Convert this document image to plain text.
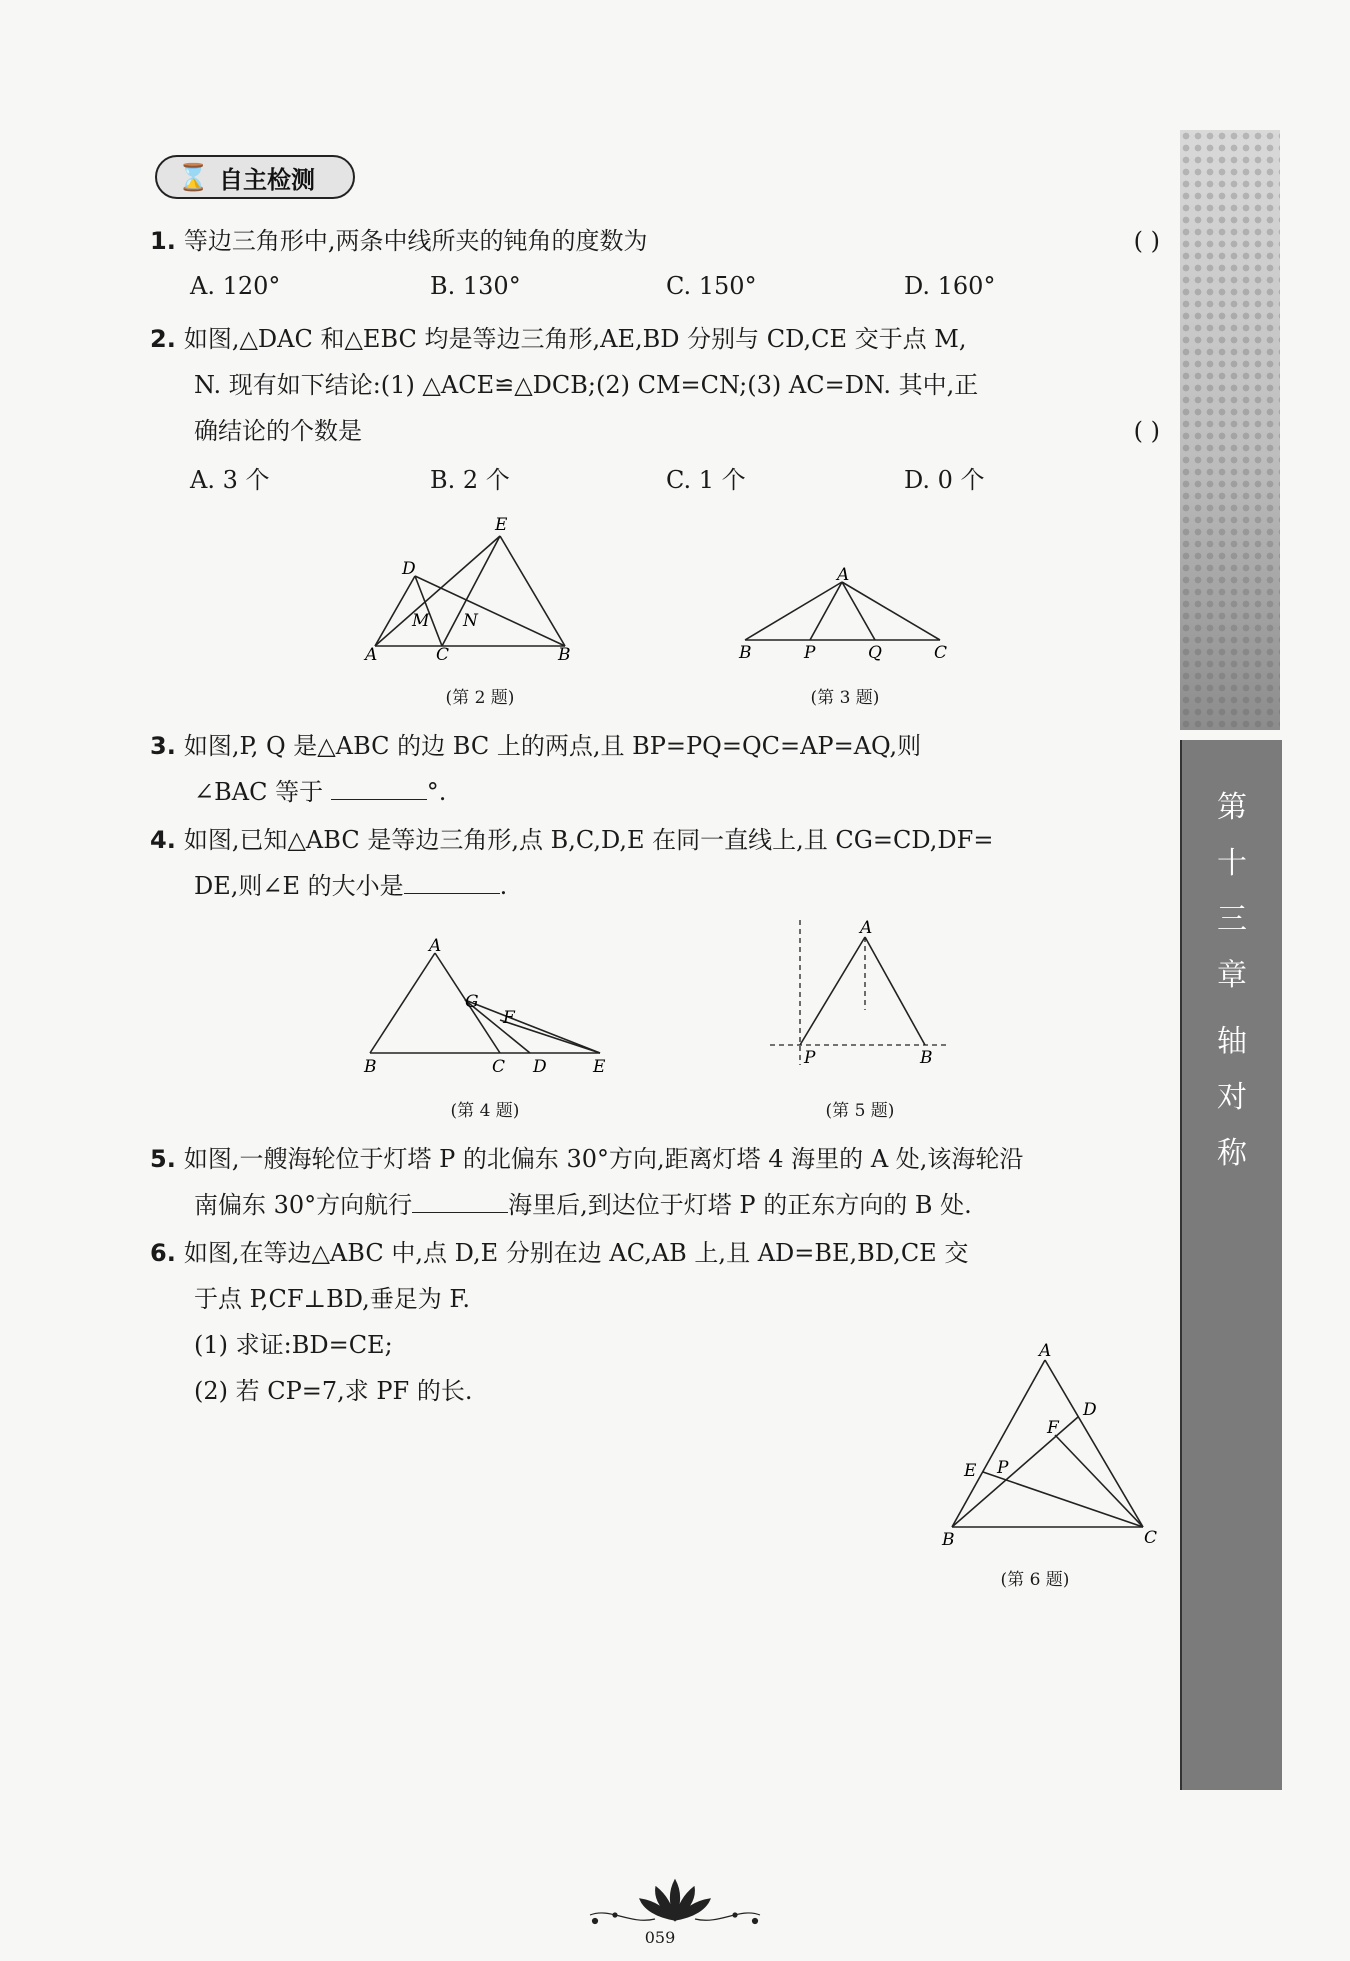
第
十
三
章
轴
对
称
⌛ 自主检测
1. 等边三角形中,两条中线所夹的钝角的度数为	( )
A. 120°	B. 130°	C. 150°	D. 160°
2. 如图,△DAC 和△EBC 均是等边三角形,AE,BD 分别与 CD,CE 交于点 M,
N. 现有如下结论:(1) △ACE≌△DCB;(2) CM=CN;(3) AC=DN. 其中,正
确结论的个数是	( )
A. 3 个	B. 2 个	C. 1 个	D. 0 个
E
D
M N
A	C	B
(第 2 题)
A
B	P	Q	C
(第 3 题)
3. 如图,P, Q 是△ABC 的边 BC 上的两点,且 BP=PQ=QC=AP=AQ,则
∠BAC 等于	°.
4. 如图,已知△ABC 是等边三角形,点 B,C,D,E 在同一直线上,且 CG=CD,DF=
DE,则∠E 的大小是	.
A
G
F
B	C D	E
(第 4 题)
A
P	B
(第 5 题)
5. 如图,一艘海轮位于灯塔 P 的北偏东 30°方向,距离灯塔 4 海里的 A 处,该海轮沿
南偏东 30°方向航行	海里后,到达位于灯塔 P 的正东方向的 B 处.
6. 如图,在等边△ABC 中,点 D,E 分别在边 AC,AB 上,且 AD=BE,BD,CE 交
于点 P,CF⊥BD,垂足为 F.
(1) 求证:BD=CE;
(2) 若 CP=7,求 PF 的长.
A
D
F
E P
B	C
(第 6 题)
059
